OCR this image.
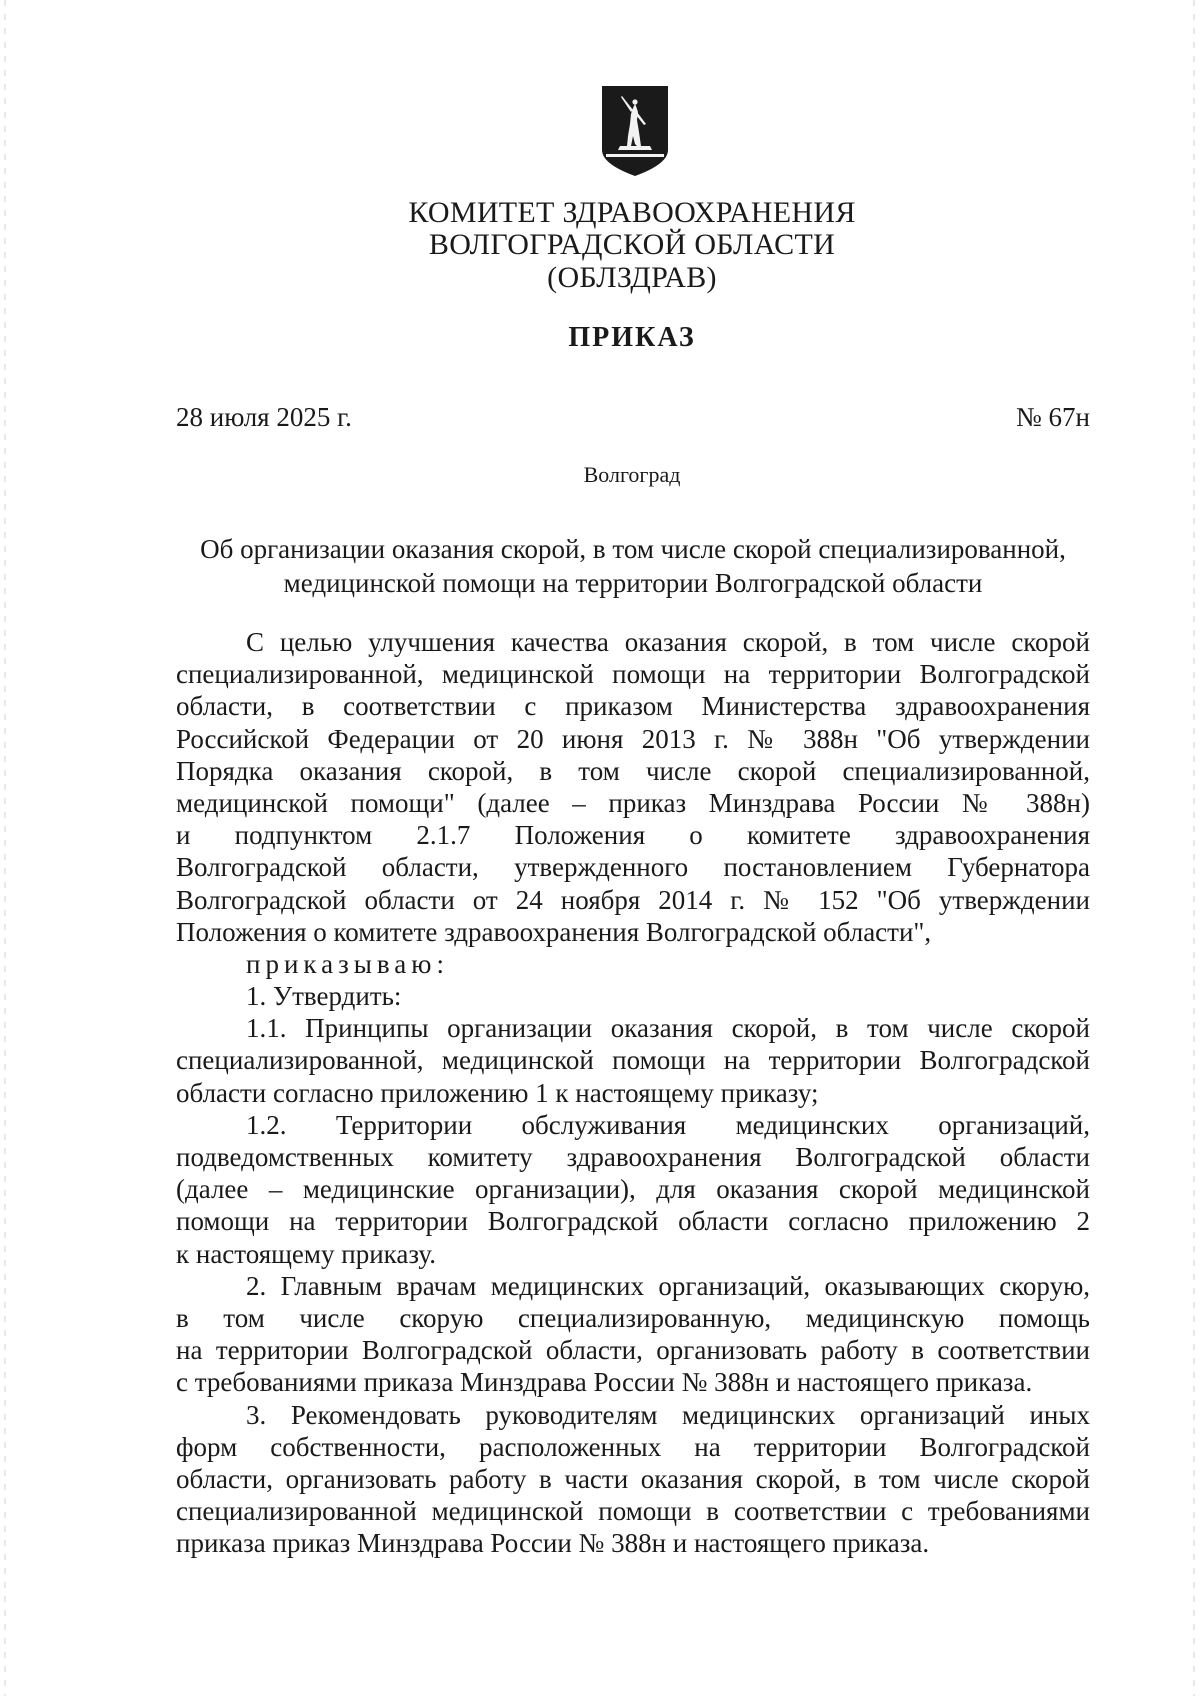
КОМИТЕТ ЗДРАВООХРАНЕНИЯ
ВОЛГОГРАДСКОЙ ОБЛАСТИ
(ОБЛЗДРАВ)
ПРИКАЗ
28 июля 2025 г.	№ 67н
Волгоград
Об организации оказания скорой, в том числе скорой специализированной,
медицинской помощи на территории Волгоградской области
С целью улучшения качества оказания скорой, в том числе скорой
специализированной, медицинской помощи на территории Волгоградской
области, в соответствии с приказом Министерства здравоохранения
Российской Федерации от 20 июня 2013 г. № 388н "Об утверждении
Порядка оказания скорой, в том числе скорой специализированной,
медицинской помощи" (далее – приказ Минздрава России № 388н)
и подпунктом 2.1.7 Положения о комитете здравоохранения
Волгоградской области, утвержденного постановлением Губернатора
Волгоградской области от 24 ноября 2014 г. № 152 "Об утверждении
Положения о комитете здравоохранения Волгоградской области",
приказываю:
1. Утвердить:
1.1. Принципы организации оказания скорой, в том числе скорой
специализированной, медицинской помощи на территории Волгоградской
области согласно приложению 1 к настоящему приказу;
1.2. Территории обслуживания медицинских организаций,
подведомственных комитету здравоохранения Волгоградской области
(далее – медицинские организации), для оказания скорой медицинской
помощи на территории Волгоградской области согласно приложению 2
к настоящему приказу.
2. Главным врачам медицинских организаций, оказывающих скорую,
в том числе скорую специализированную, медицинскую помощь
на территории Волгоградской области, организовать работу в соответствии
с требованиями приказа Минздрава России № 388н и настоящего приказа.
3. Рекомендовать руководителям медицинских организаций иных
форм собственности, расположенных на территории Волгоградской
области, организовать работу в части оказания скорой, в том числе скорой
специализированной медицинской помощи в соответствии с требованиями
приказа приказ Минздрава России № 388н и настоящего приказа.
